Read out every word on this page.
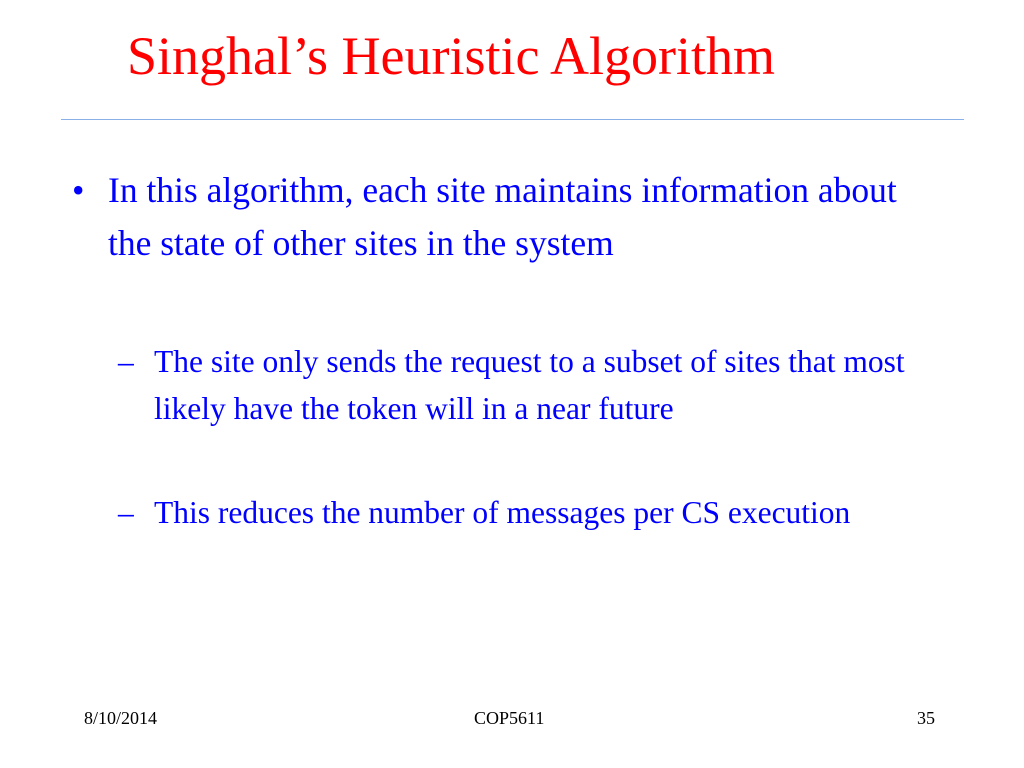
Singhal’s Heuristic Algorithm
• In this algorithm, each site maintains information about the state of other sites in the system
– The site only sends the request to a subset of sites that most likely have the token will in a near future
– This reduces the number of messages per CS execution
8/10/2014	COP5611	35
